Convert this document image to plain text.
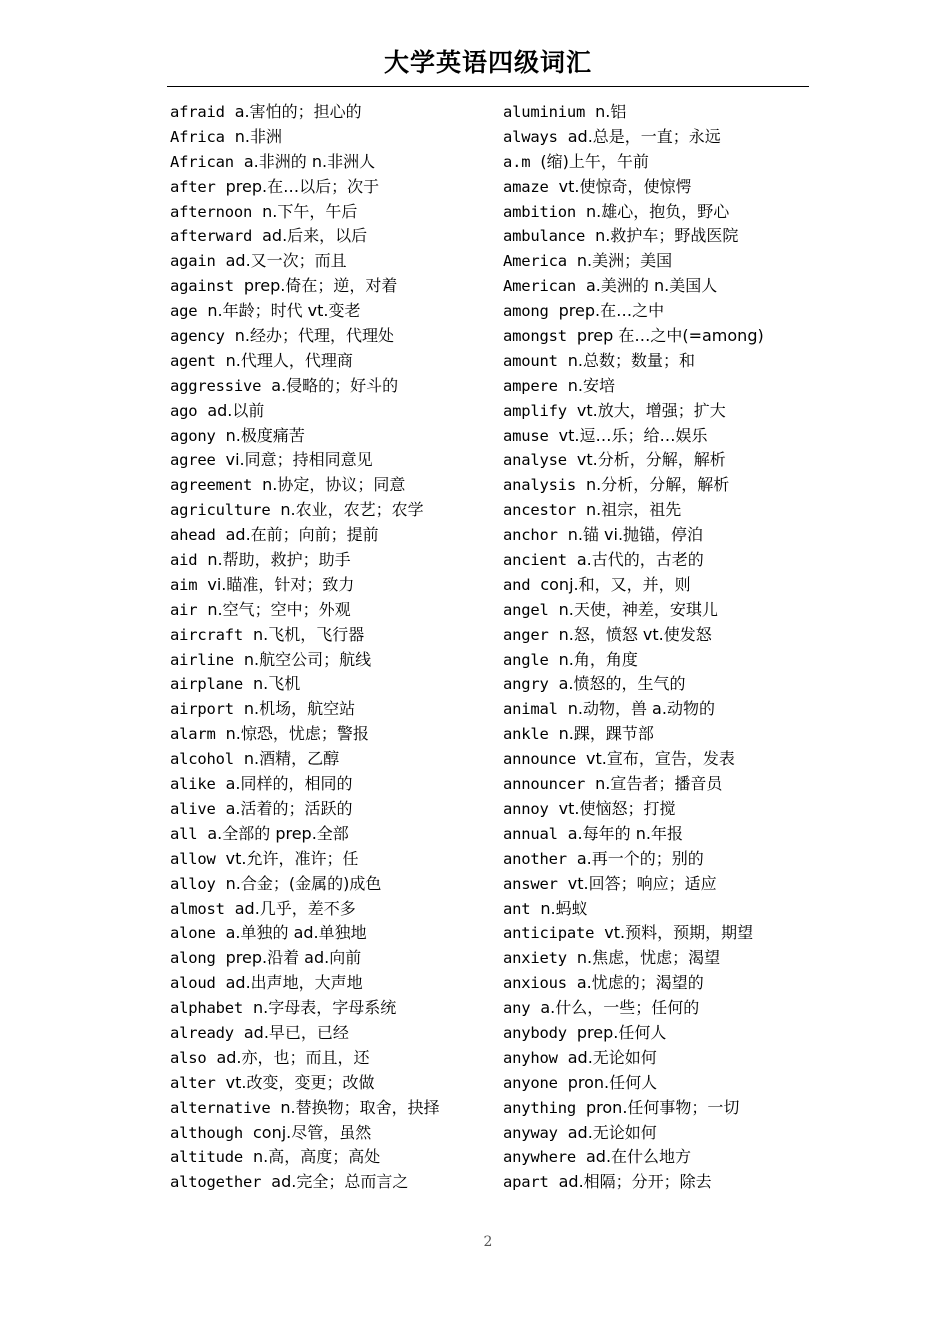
大学英语四级词汇
afraid a.害怕的；担心的
Africa n.非洲
African a.非洲的 n.非洲人
after prep.在…以后；次于
afternoon n.下午，午后
afterward ad.后来，以后
again ad.又一次；而且
against prep.倚在；逆，对着
age n.年龄；时代 vt.变老
agency n.经办；代理，代理处
agent n.代理人，代理商
aggressive a.侵略的；好斗的
ago ad.以前
agony n.极度痛苦
agree vi.同意；持相同意见
agreement n.协定，协议；同意
agriculture n.农业，农艺；农学
ahead ad.在前；向前；提前
aid n.帮助，救护；助手
aim vi.瞄准，针对；致力
air n.空气；空中；外观
aircraft n.飞机，飞行器
airline n.航空公司；航线
airplane n.飞机
airport n.机场，航空站
alarm n.惊恐，忧虑；警报
alcohol n.酒精，乙醇
alike a.同样的，相同的
alive a.活着的；活跃的
all a.全部的 prep.全部
allow vt.允许，准许；任
alloy n.合金；(金属的)成色
almost ad.几乎，差不多
alone a.单独的 ad.单独地
along prep.沿着 ad.向前
aloud ad.出声地，大声地
alphabet n.字母表，字母系统
already ad.早已，已经
also ad.亦，也；而且，还
alter vt.改变，变更；改做
alternative n.替换物；取舍，抉择
although conj.尽管，虽然
altitude n.高，高度；高处
altogether ad.完全；总而言之
aluminium n.铝
always ad.总是，一直；永远
a.m (缩)上午，午前
amaze vt.使惊奇，使惊愕
ambition n.雄心，抱负，野心
ambulance n.救护车；野战医院
America n.美洲；美国
American a.美洲的 n.美国人
among prep.在…之中
amongst prep 在…之中(=among)
amount n.总数；数量；和
ampere n.安培
amplify vt.放大，增强；扩大
amuse vt.逗…乐；给…娱乐
analyse vt.分析，分解，解析
analysis n.分析，分解，解析
ancestor n.祖宗，祖先
anchor n.锚 vi.抛锚，停泊
ancient a.古代的，古老的
and conj.和，又，并，则
angel n.天使，神差，安琪儿
anger n.怒，愤怒 vt.使发怒
angle n.角，角度
angry a.愤怒的，生气的
animal n.动物，兽 a.动物的
ankle n.踝，踝节部
announce vt.宣布，宣告，发表
announcer n.宣告者；播音员
annoy vt.使恼怒；打搅
annual a.每年的 n.年报
another a.再一个的；别的
answer vt.回答；响应；适应
ant n.蚂蚁
anticipate vt.预料，预期，期望
anxiety n.焦虑，忧虑；渴望
anxious a.忧虑的；渴望的
any a.什么，一些；任何的
anybody prep.任何人
anyhow ad.无论如何
anyone pron.任何人
anything pron.任何事物；一切
anyway ad.无论如何
anywhere ad.在什么地方
apart ad.相隔；分开；除去
2
